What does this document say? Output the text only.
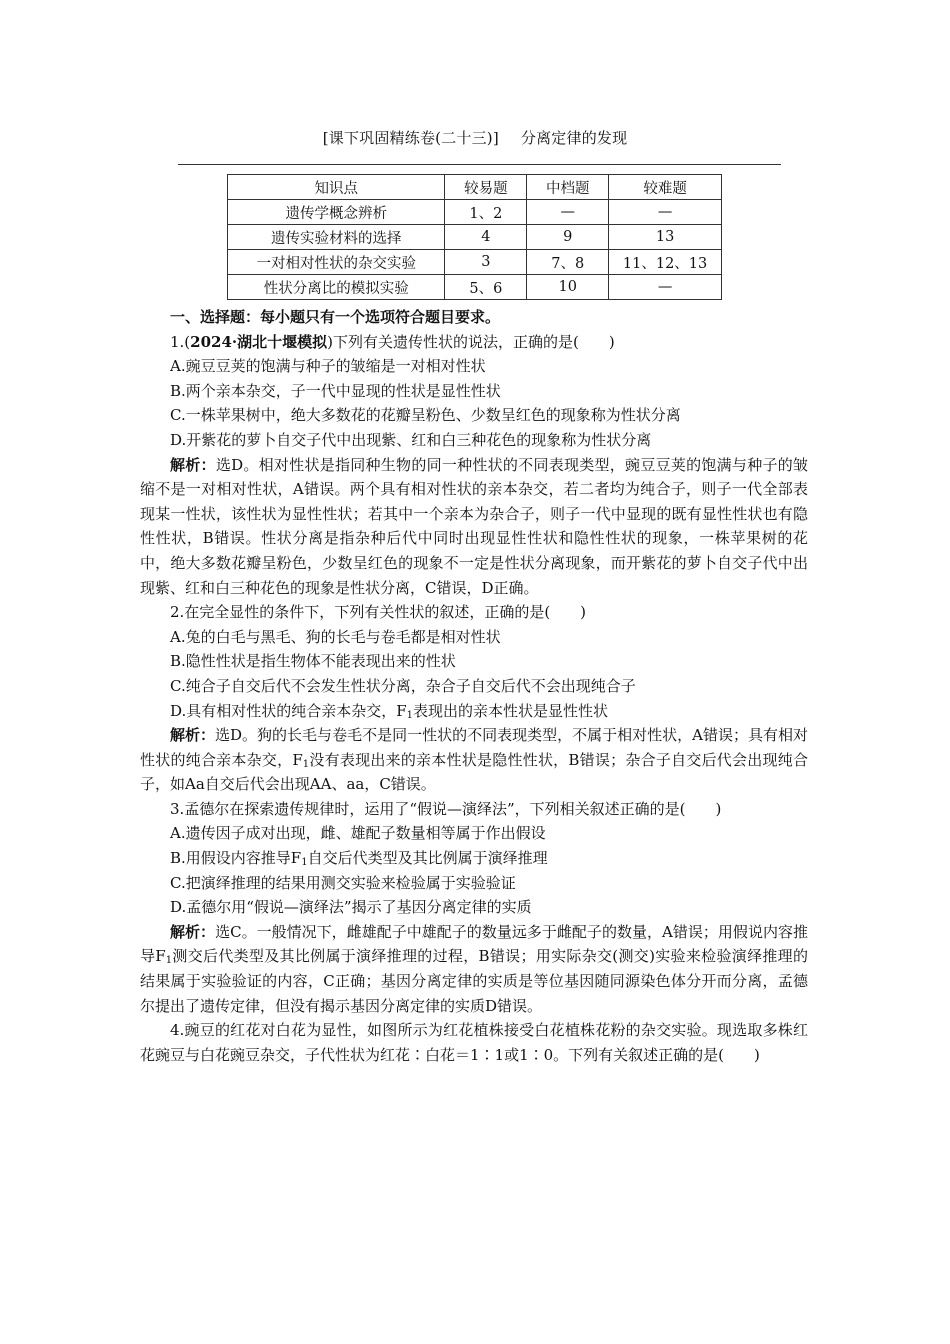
[课下巩固精练卷(二十三)] 分离定律的发现
知识点	较易题	中档题	较难题
遗传学概念辨析	1、2	—	—
遗传实验材料的选择	4	9	13
一对相对性状的杂交实验	3	7、8	11、12、13
性状分离比的模拟实验	5、6	10	—

一、选择题：每小题只有一个选项符合题目要求。

1.(2024·湖北十堰模拟)下列有关遗传性状的说法，正确的是(　　)

A.豌豆豆荚的饱满与种子的皱缩是一对相对性状

B.两个亲本杂交，子一代中显现的性状是显性性状

C.一株苹果树中，绝大多数花的花瓣呈粉色、少数呈红色的现象称为性状分离

D.开紫花的萝卜自交子代中出现紫、红和白三种花色的现象称为性状分离

解析：选D。相对性状是指同种生物的同一种性状的不同表现类型，豌豆豆荚的饱满与种子的皱缩不是一对相对性状，A错误。两个具有相对性状的亲本杂交，若二者均为纯合子，则子一代全部表现某一性状，该性状为显性性状；若其中一个亲本为杂合子，则子一代中显现的既有显性性状也有隐性性状，B错误。性状分离是指杂种后代中同时出现显性性状和隐性性状的现象，一株苹果树的花中，绝大多数花瓣呈粉色，少数呈红色的现象不一定是性状分离现象，而开紫花的萝卜自交子代中出现紫、红和白三种花色的现象是性状分离，C错误，D正确。

2.在完全显性的条件下，下列有关性状的叙述，正确的是(　　)

A.兔的白毛与黑毛、狗的长毛与卷毛都是相对性状

B.隐性性状是指生物体不能表现出来的性状

C.纯合子自交后代不会发生性状分离，杂合子自交后代不会出现纯合子

D.具有相对性状的纯合亲本杂交，$F_1$表现出的亲本性状是显性性状

解析：选D。狗的长毛与卷毛不是同一性状的不同表现类型，不属于相对性状，A错误；具有相对性状的纯合亲本杂交，$F_1$没有表现出来的亲本性状是隐性性状，B错误；杂合子自交后代会出现纯合子，如Aa自交后代会出现AA、aa，C错误。

3.孟德尔在探索遗传规律时，运用了“假说—演绎法”，下列相关叙述正确的是(　　)

A.遗传因子成对出现，雌、雄配子数量相等属于作出假设

B.用假设内容推导$F_1$自交后代类型及其比例属于演绎推理

C.把演绎推理的结果用测交实验来检验属于实验验证

D.孟德尔用“假说—演绎法”揭示了基因分离定律的实质

解析：选C。一般情况下，雌雄配子中雄配子的数量远多于雌配子的数量，A错误；用假说内容推导$F_1$测交后代类型及其比例属于演绎推理的过程，B错误；用实际杂交(测交)实验来检验演绎推理的结果属于实验验证的内容，C正确；基因分离定律的实质是等位基因随同源染色体分开而分离，孟德尔提出了遗传定律，但没有揭示基因分离定律的实质D错误。

4.豌豆的红花对白花为显性，如图所示为红花植株接受白花植株花粉的杂交实验。现选取多株红花豌豆与白花豌豆杂交，子代性状为红花∶白花＝1∶1或1∶0。下列有关叙述正确的是(　　)
